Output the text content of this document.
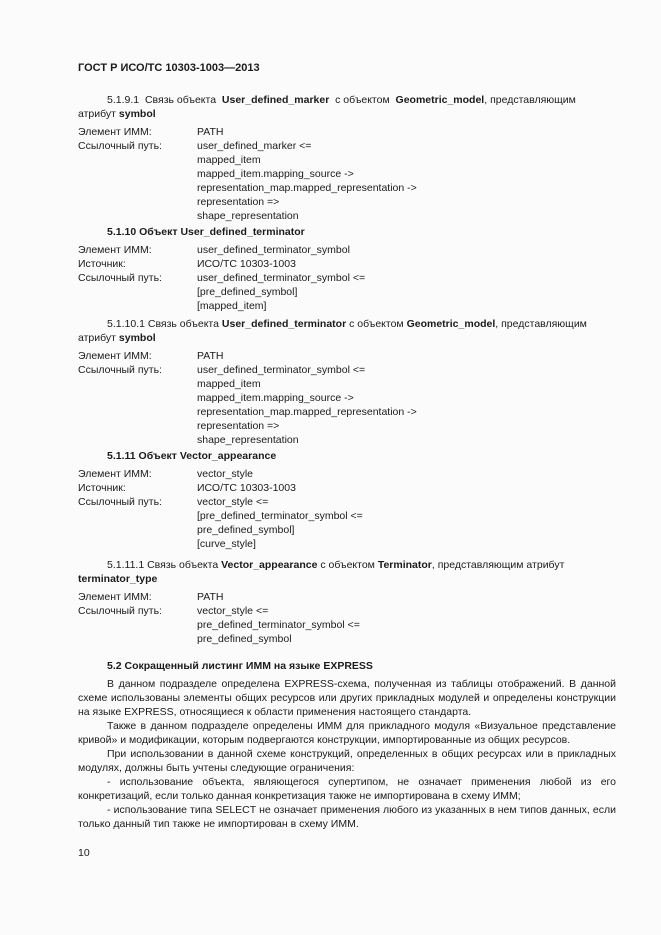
ГОСТ Р ИСО/ТС 10303-1003—2013
5.1.9.1 Связь объекта User_defined_marker с объектом Geometric_model, представляющим атрибут symbol
Элемент ИММ:	PATH
Ссылочный путь:	user_defined_marker <=
mapped_item
mapped_item.mapping_source ->
representation_map.mapped_representation ->
representation =>
shape_representation
5.1.10 Объект User_defined_terminator
Элемент ИММ:	user_defined_terminator_symbol
Источник:	ИСО/ТС 10303-1003
Ссылочный путь:	user_defined_terminator_symbol <=
[pre_defined_symbol]
[mapped_item]
5.1.10.1 Связь объекта User_defined_terminator с объектом Geometric_model, представляющим атрибут symbol
Элемент ИММ:	PATH
Ссылочный путь:	user_defined_terminator_symbol <=
mapped_item
mapped_item.mapping_source ->
representation_map.mapped_representation ->
representation =>
shape_representation
5.1.11 Объект Vector_appearance
Элемент ИММ:	vector_style
Источник:	ИСО/ТС 10303-1003
Ссылочный путь:	vector_style <=
[pre_defined_terminator_symbol <=
pre_defined_symbol]
[curve_style]
5.1.11.1 Связь объекта Vector_appearance с объектом Terminator, представляющим атрибут terminator_type
Элемент ИММ:	PATH
Ссылочный путь:	vector_style <=
pre_defined_terminator_symbol <=
pre_defined_symbol
5.2 Сокращенный листинг ИММ на языке EXPRESS
В данном подразделе определена EXPRESS-схема, полученная из таблицы отображений. В данной схеме использованы элементы общих ресурсов или других прикладных модулей и определены конструкции на языке EXPRESS, относящиеся к области применения настоящего стандарта.
Также в данном подразделе определены ИММ для прикладного модуля «Визуальное представление кривой» и модификации, которым подвергаются конструкции, импортированные из общих ресурсов.
При использовании в данной схеме конструкций, определенных в общих ресурсах или в прикладных модулях, должны быть учтены следующие ограничения:
- использование объекта, являющегося супертипом, не означает применения любой из его конкретизаций, если только данная конкретизация также не импортирована в схему ИММ;
- использование типа SELECT не означает применения любого из указанных в нем типов данных, если только данный тип также не импортирован в схему ИММ.
10
